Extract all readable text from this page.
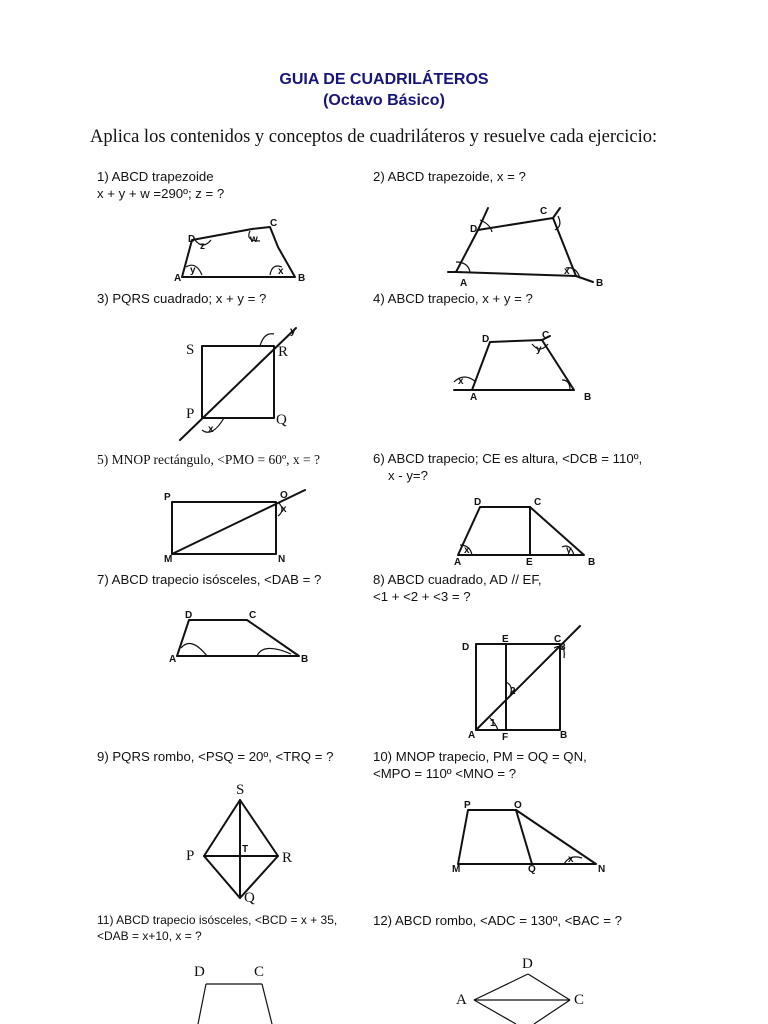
GUIA DE CUADRILÁTEROS
(Octavo Básico)
Aplica los contenidos y conceptos de cuadriláteros y resuelve cada ejercicio:
1) ABCD trapezoide
x + y + w =290º; z = ?
D
C
A	B
z
w
y	x
2) ABCD trapezoide, x = ?
D
C
A	B
x
3) PQRS cuadrado; x + y = ?
S	R
P	Q
x
y
4) ABCD trapecio, x + y = ?
D	C
A	B
x
y
5) MNOP rectángulo, <PMO = 60º, x = ?
P	O
M	N
x
6) ABCD trapecio; CE es altura, <DCB = 110º,
x - y=?
D	C
A	E	B
x	y
7) ABCD trapecio isósceles, <DAB = ?
D	C
A	B
8) ABCD cuadrado, AD // EF,
<1 + <2 + <3 = ?
D
E	C
A	F	B
1
2
3
9) PQRS rombo, <PSQ = 20º, <TRQ = ?
S
P	T
R
Q
10) MNOP trapecio, PM = OQ = QN,
<MPO = 110º <MNO = ?
P	O
M	Q	N
x
11) ABCD trapecio isósceles, <BCD = x + 35,
<DAB = x+10, x = ?
D	C
12) ABCD rombo, <ADC = 130º, <BAC = ?
D
A	C
